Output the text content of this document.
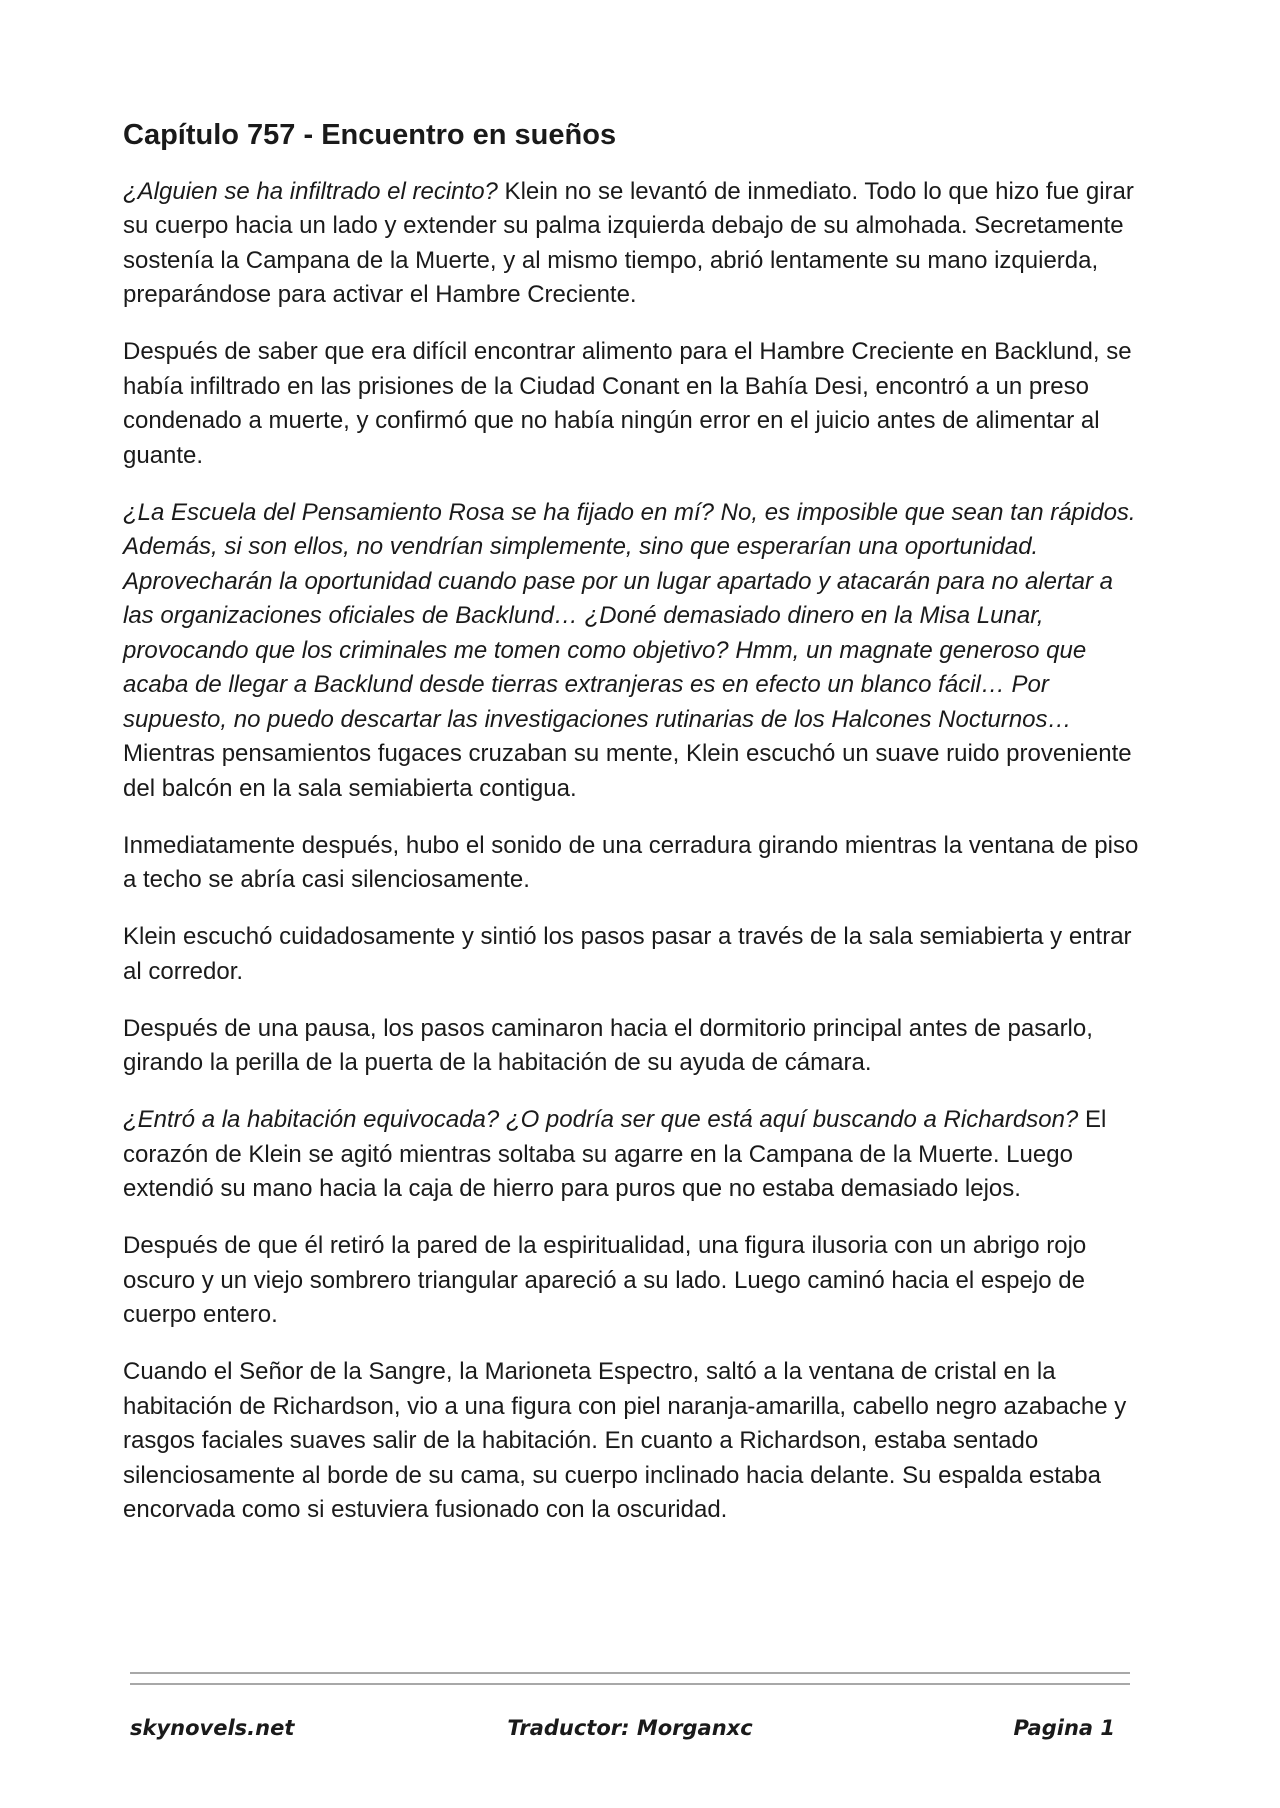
Capítulo 757 - Encuentro en sueños

¿Alguien se ha infiltrado el recinto? Klein no se levantó de inmediato. Todo lo que hizo fue girar su cuerpo hacia un lado y extender su palma izquierda debajo de su almohada. Secretamente sostenía la Campana de la Muerte, y al mismo tiempo, abrió lentamente su mano izquierda, preparándose para activar el Hambre Creciente.

Después de saber que era difícil encontrar alimento para el Hambre Creciente en Backlund, se había infiltrado en las prisiones de la Ciudad Conant en la Bahía Desi, encontró a un preso condenado a muerte, y confirmó que no había ningún error en el juicio antes de alimentar al guante.

¿La Escuela del Pensamiento Rosa se ha fijado en mí? No, es imposible que sean tan rápidos. Además, si son ellos, no vendrían simplemente, sino que esperarían una oportunidad. Aprovecharán la oportunidad cuando pase por un lugar apartado y atacarán para no alertar a las organizaciones oficiales de Backlund… ¿Doné demasiado dinero en la Misa Lunar, provocando que los criminales me tomen como objetivo? Hmm, un magnate generoso que acaba de llegar a Backlund desde tierras extranjeras es en efecto un blanco fácil… Por supuesto, no puedo descartar las investigaciones rutinarias de los Halcones Nocturnos… Mientras pensamientos fugaces cruzaban su mente, Klein escuchó un suave ruido proveniente del balcón en la sala semiabierta contigua.

Inmediatamente después, hubo el sonido de una cerradura girando mientras la ventana de piso a techo se abría casi silenciosamente.

Klein escuchó cuidadosamente y sintió los pasos pasar a través de la sala semiabierta y entrar al corredor.

Después de una pausa, los pasos caminaron hacia el dormitorio principal antes de pasarlo, girando la perilla de la puerta de la habitación de su ayuda de cámara.

¿Entró a la habitación equivocada? ¿O podría ser que está aquí buscando a Richardson? El corazón de Klein se agitó mientras soltaba su agarre en la Campana de la Muerte. Luego extendió su mano hacia la caja de hierro para puros que no estaba demasiado lejos.

Después de que él retiró la pared de la espiritualidad, una figura ilusoria con un abrigo rojo oscuro y un viejo sombrero triangular apareció a su lado. Luego caminó hacia el espejo de cuerpo entero.

Cuando el Señor de la Sangre, la Marioneta Espectro, saltó a la ventana de cristal en la habitación de Richardson, vio a una figura con piel naranja-amarilla, cabello negro azabache y rasgos faciales suaves salir de la habitación. En cuanto a Richardson, estaba sentado silenciosamente al borde de su cama, su cuerpo inclinado hacia delante. Su espalda estaba encorvada como si estuviera fusionado con la oscuridad.

skynovels.net	Traductor: Morganxc	Pagina 1
